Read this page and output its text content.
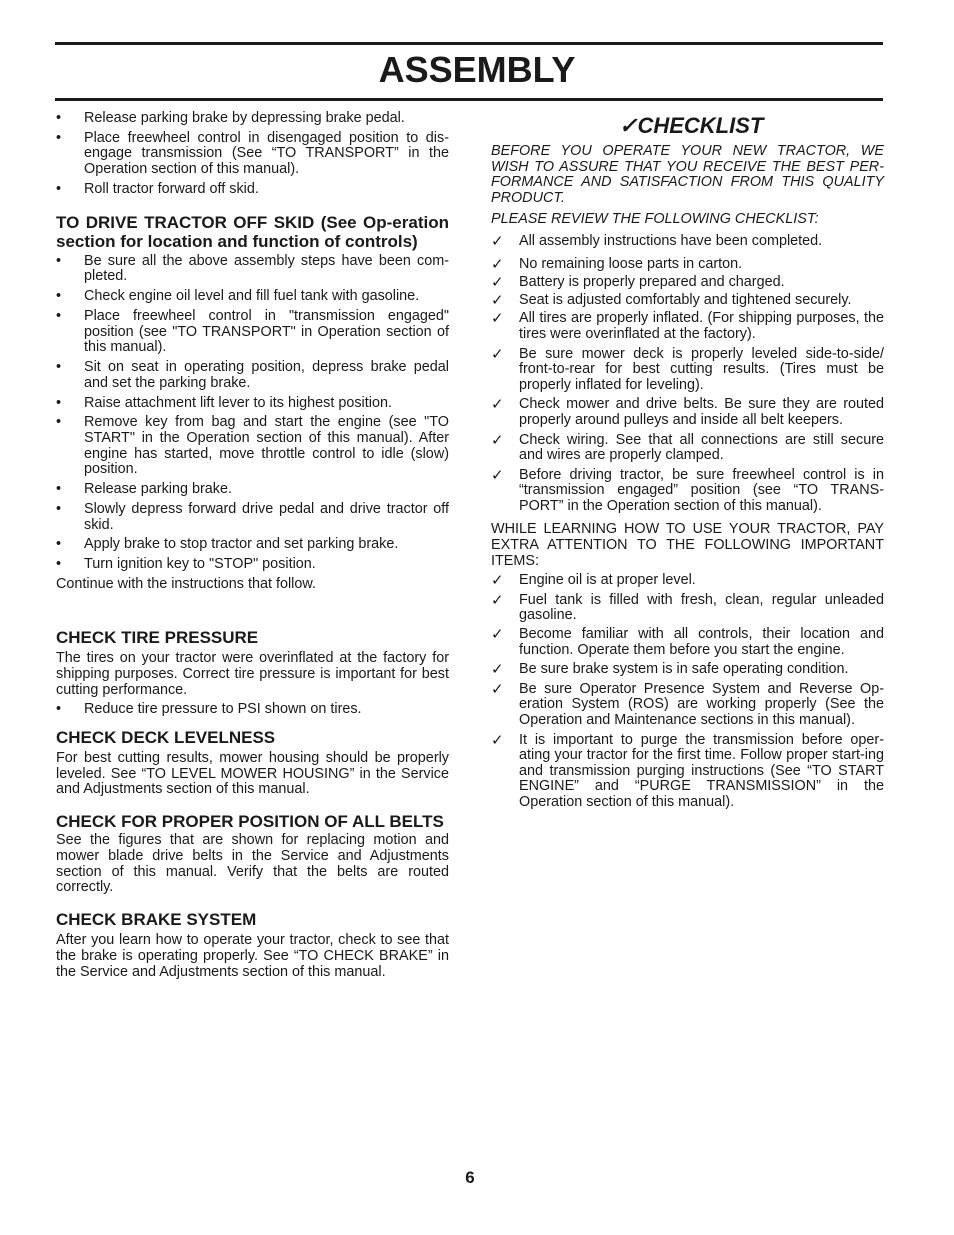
ASSEMBLY
• Release parking brake by depressing brake pedal.
• Place freewheel control in disengaged position to dis-engage transmission (See “TO TRANSPORT” in the Operation section of this manual).
• Roll tractor forward off skid.
TO DRIVE TRACTOR OFF SKID (See Op-eration section for location and function of controls)
• Be sure all the above assembly steps have been com-pleted.
• Check engine oil level and fill fuel tank with gasoline.
• Place freewheel control in "transmission engaged" position (see "TO TRANSPORT" in Operation section of this manual).
• Sit on seat in operating position, depress brake pedal and set the parking brake.
• Raise attachment lift lever to its highest position.
• Remove key from bag and start the engine (see "TO START" in the Operation section of this manual). After engine has started, move throttle control to idle (slow) position.
• Release parking brake.
• Slowly depress forward drive pedal and drive tractor off skid.
• Apply brake to stop tractor and set parking brake.
• Turn ignition key to "STOP" position.

Continue with the instructions that follow.

CHECK TIRE PRESSURE

The tires on your tractor were overinflated at the factory for shipping purposes. Correct tire pressure is important for best cutting performance.

• Reduce tire pressure to PSI shown on tires.
CHECK DECK LEVELNESS

For best cutting results, mower housing should be properly leveled. See “TO LEVEL MOWER HOUSING” in the Service and Adjustments section of this manual.

CHECK FOR PROPER POSITION OF ALL BELTS

See the figures that are shown for replacing motion and mower blade drive belts in the Service and Adjustments section of this manual. Verify that the belts are routed correctly.

CHECK BRAKE SYSTEM

After you learn how to operate your tractor, check to see that the brake is operating properly. See “TO CHECK BRAKE” in the Service and Adjustments section of this manual.

✓CHECKLIST

BEFORE YOU OPERATE YOUR NEW TRACTOR, WE WISH TO ASSURE THAT YOU RECEIVE THE BEST PER-FORMANCE AND SATISFACTION FROM THIS QUALITY PRODUCT.

PLEASE REVIEW THE FOLLOWING CHECKLIST:

✓ All assembly instructions have been completed.
✓ No remaining loose parts in carton.
✓ Battery is properly prepared and charged.
✓ Seat is adjusted comfortably and tightened securely.
✓ All tires are properly inflated. (For shipping purposes, the tires were overinflated at the factory).
✓ Be sure mower deck is properly leveled side-to-side/ front-to-rear for best cutting results. (Tires must be properly inflated for leveling).
✓ Check mower and drive belts. Be sure they are routed properly around pulleys and inside all belt keepers.
✓ Check wiring. See that all connections are still secure and wires are properly clamped.
✓ Before driving tractor, be sure freewheel control is in “transmission engaged” position (see “TO TRANS-PORT” in the Operation section of this manual).

WHILE LEARNING HOW TO USE YOUR TRACTOR, PAY EXTRA ATTENTION TO THE FOLLOWING IMPORTANT ITEMS:

✓ Engine oil is at proper level.
✓ Fuel tank is filled with fresh, clean, regular unleaded gasoline.
✓ Become familiar with all controls, their location and function. Operate them before you start the engine.
✓ Be sure brake system is in safe operating condition.
✓ Be sure Operator Presence System and Reverse Op-eration System (ROS) are working properly (See the Operation and Maintenance sections in this manual).
✓ It is important to purge the transmission before oper-ating your tractor for the first time. Follow proper start-ing and transmission purging instructions (See “TO START ENGINE” and “PURGE TRANSMISSION” in the Operation section of this manual).
6
